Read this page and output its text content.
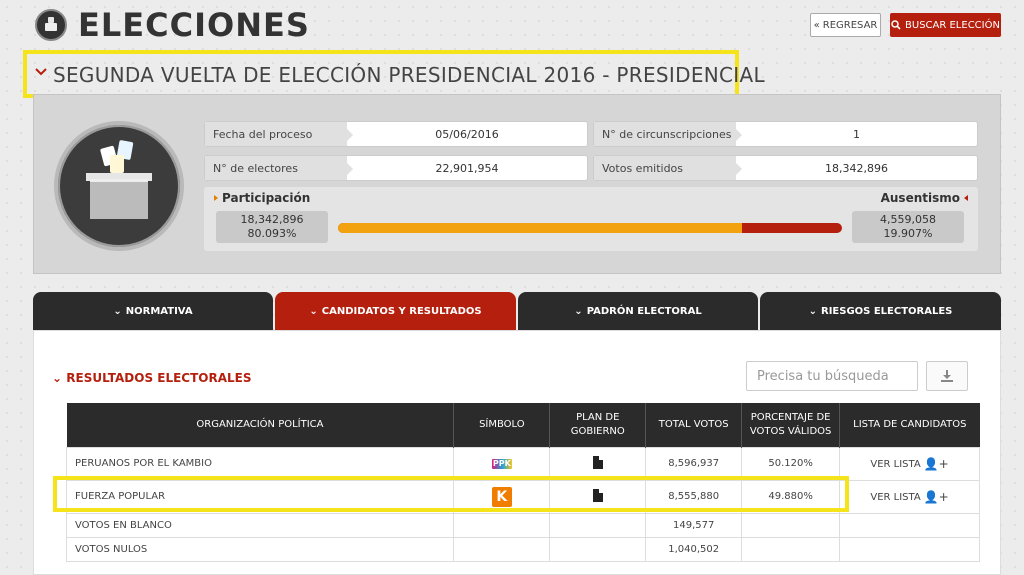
ELECCIONES	« REGRESAR	BUSCAR ELECCIÓN
SEGUNDA VUELTA DE ELECCIÓN PRESIDENCIAL 2016 - PRESIDENCIAL
Fecha del proceso	05/06/2016	N° de circunscripciones	1
N° de electores	22,901,954	Votos emitidos	18,342,896
Participación	Ausentismo
18,342,896
80.093%
4,559,058
19.907%
⌄ NORMATIVA	⌄ CANDIDATOS Y RESULTADOS	⌄ PADRÓN ELECTORAL	⌄ RIESGOS ELECTORALES
⌄ RESULTADOS ELECTORALES
Precisa tu búsqueda
ORGANIZACIÓN POLÍTICA	SÍMBOLO	PLAN DE GOBIERNO	TOTAL VOTOS	PORCENTAJE DE VOTOS VÁLIDOS	LISTA DE CANDIDATOS
PERUANOS POR EL KAMBIO	PPK		8,596,937	50.120%	VER LISTA 👤+
FUERZA POPULAR	K		8,555,880	49.880%	VER LISTA 👤+
VOTOS EN BLANCO			149,577		
VOTOS NULOS			1,040,502		
